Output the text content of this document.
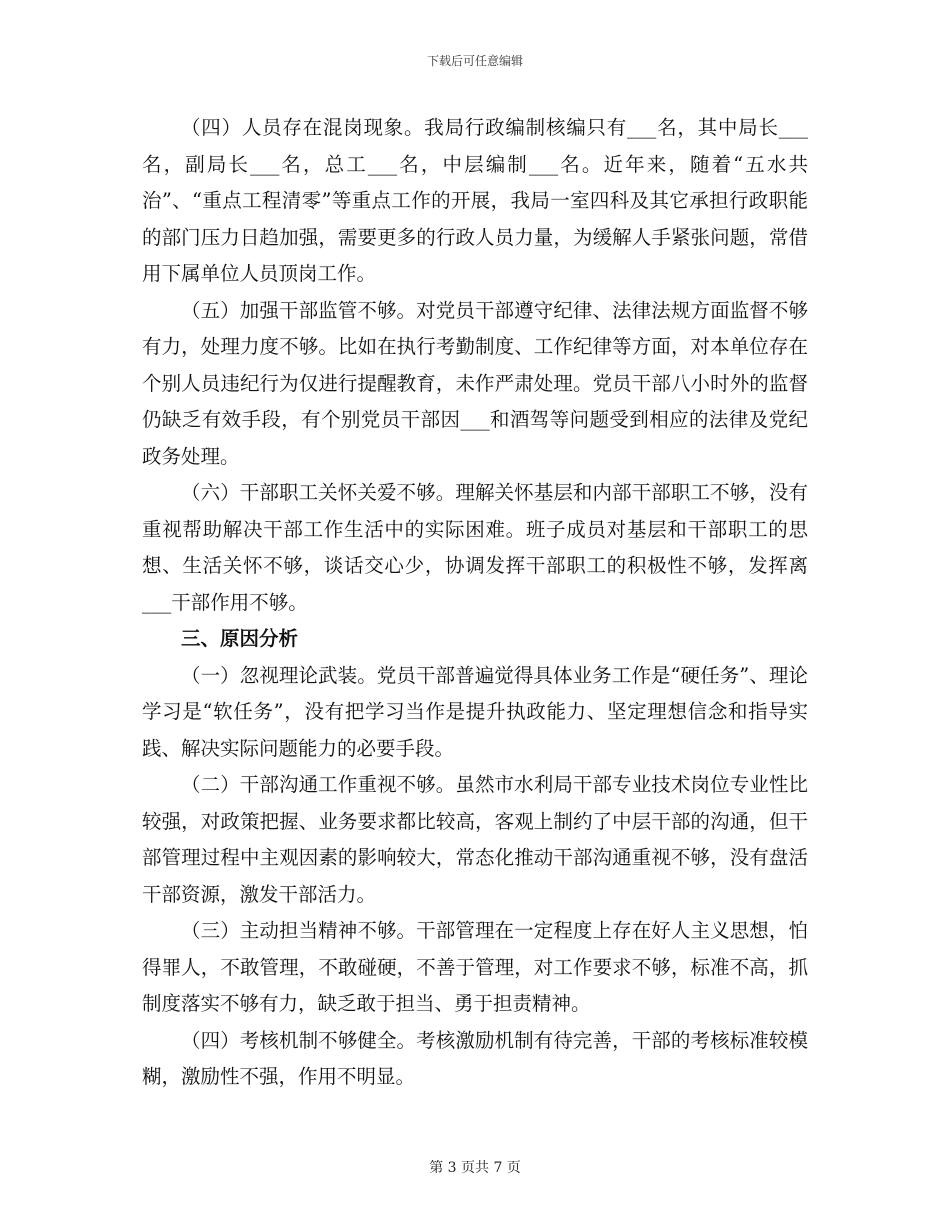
下载后可任意编辑

（四）人员存在混岗现象。我局行政编制核编只有___名，其中局长___名，副局长___名，总工___名，中层编制___名。近年来，随着“五水共治”、“重点工程清零”等重点工作的开展，我局一室四科及其它承担行政职能的部门压力日趋加强，需要更多的行政人员力量，为缓解人手紧张问题，常借用下属单位人员顶岗工作。

（五）加强干部监管不够。对党员干部遵守纪律、法律法规方面监督不够有力，处理力度不够。比如在执行考勤制度、工作纪律等方面，对本单位存在个别人员违纪行为仅进行提醒教育，未作严肃处理。党员干部八小时外的监督仍缺乏有效手段，有个别党员干部因___和酒驾等问题受到相应的法律及党纪政务处理。

（六）干部职工关怀关爱不够。理解关怀基层和内部干部职工不够，没有重视帮助解决干部工作生活中的实际困难。班子成员对基层和干部职工的思想、生活关怀不够，谈话交心少，协调发挥干部职工的积极性不够，发挥离___干部作用不够。

三、原因分析

（一）忽视理论武装。党员干部普遍觉得具体业务工作是“硬任务”、理论学习是“软任务”，没有把学习当作是提升执政能力、坚定理想信念和指导实践、解决实际问题能力的必要手段。

（二）干部沟通工作重视不够。虽然市水利局干部专业技术岗位专业性比较强，对政策把握、业务要求都比较高，客观上制约了中层干部的沟通，但干部管理过程中主观因素的影响较大，常态化推动干部沟通重视不够，没有盘活干部资源，激发干部活力。

（三）主动担当精神不够。干部管理在一定程度上存在好人主义思想，怕得罪人，不敢管理，不敢碰硬，不善于管理，对工作要求不够，标准不高，抓制度落实不够有力，缺乏敢于担当、勇于担责精神。

（四）考核机制不够健全。考核激励机制有待完善，干部的考核标准较模糊，激励性不强，作用不明显。

第 3 页共 7 页
